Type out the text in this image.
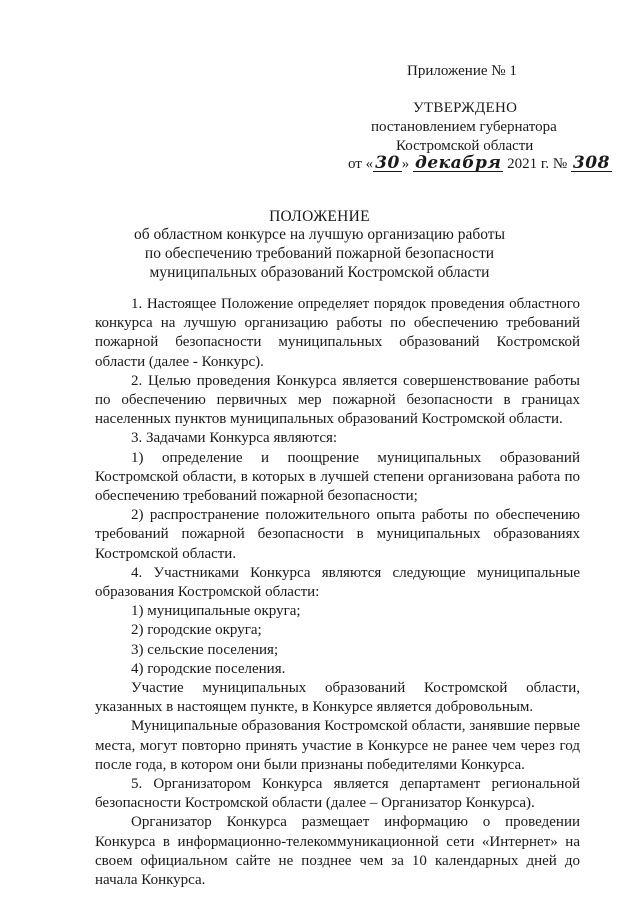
Приложение № 1
УТВЕРЖДЕНО
постановлением губернатора
Костромской области
от « 30 » декабря 2021 г. № 308
ПОЛОЖЕНИЕ
об областном конкурсе на лучшую организацию работы
по обеспечению требований пожарной безопасности
муниципальных образований Костромской области

1. Настоящее Положение определяет порядок проведения областного конкурса на лучшую организацию работы по обеспечению требований пожарной безопасности муниципальных образований Костромской области (далее - Конкурс).

2. Целью проведения Конкурса является совершенствование работы по обеспечению первичных мер пожарной безопасности в границах населенных пунктов муниципальных образований Костромской области.

3. Задачами Конкурса являются:

1) определение и поощрение муниципальных образований Костромской области, в которых в лучшей степени организована работа по обеспечению требований пожарной безопасности;

2) распространение положительного опыта работы по обеспечению требований пожарной безопасности в муниципальных образованиях Костромской области.

4. Участниками Конкурса являются следующие муниципальные образования Костромской области:

1) муниципальные округа;

2) городские округа;

3) сельские поселения;

4) городские поселения.

Участие муниципальных образований Костромской области, указанных в настоящем пункте, в Конкурсе является добровольным.

Муниципальные образования Костромской области, занявшие первые места, могут повторно принять участие в Конкурсе не ранее чем через год после года, в котором они были признаны победителями Конкурса.

5. Организатором Конкурса является департамент региональной безопасности Костромской области (далее – Организатор Конкурса).

Организатор Конкурса размещает информацию о проведении Конкурса в информационно-телекоммуникационной сети «Интернет» на своем официальном сайте не позднее чем за 10 календарных дней до начала Конкурса.
